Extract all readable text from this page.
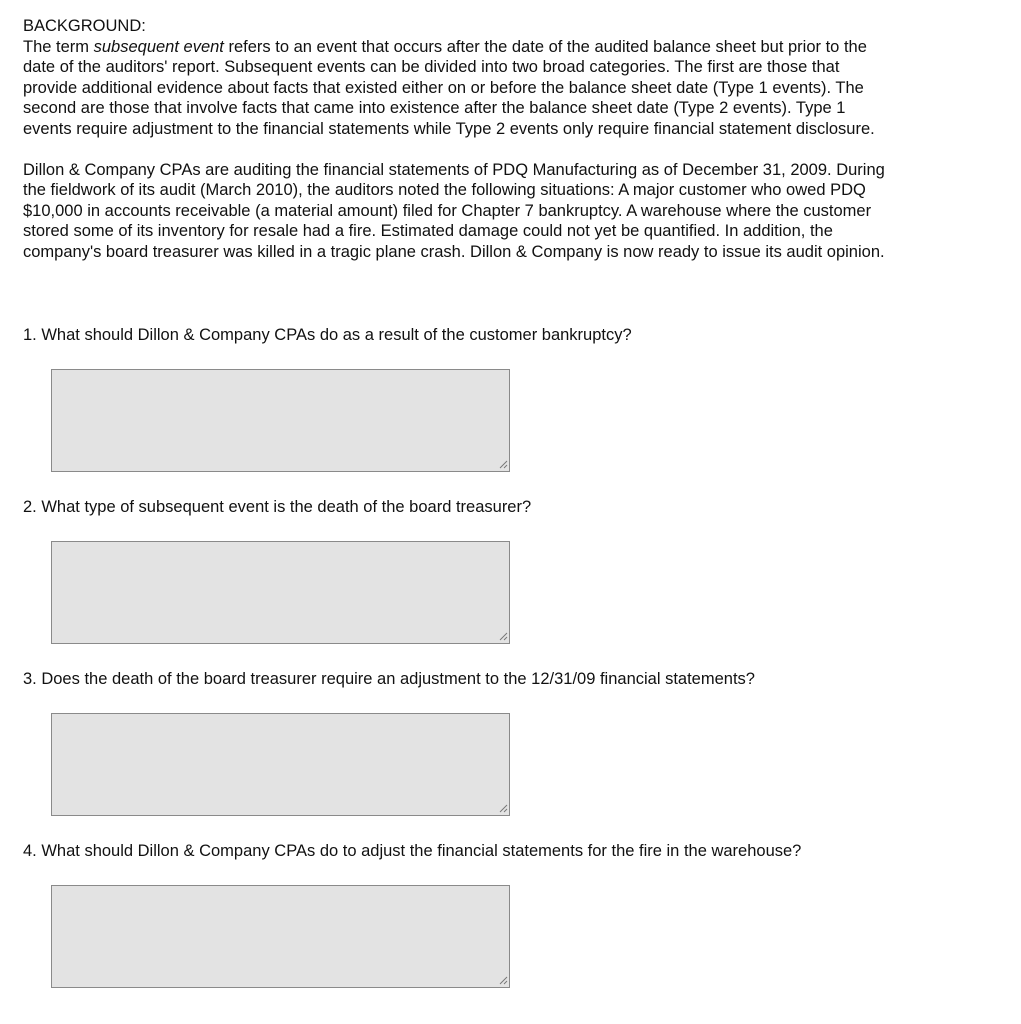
BACKGROUND:

The term subsequent event refers to an event that occurs after the date of the audited balance sheet but prior to the date of the auditors' report. Subsequent events can be divided into two broad categories. The first are those that provide additional evidence about facts that existed either on or before the balance sheet date (Type 1 events). The second are those that involve facts that came into existence after the balance sheet date (Type 2 events). Type 1 events require adjustment to the financial statements while Type 2 events only require financial statement disclosure.

Dillon & Company CPAs are auditing the financial statements of PDQ Manufacturing as of December 31, 2009. During the fieldwork of its audit (March 2010), the auditors noted the following situations: A major customer who owed PDQ $10,000 in accounts receivable (a material amount) filed for Chapter 7 bankruptcy. A warehouse where the customer stored some of its inventory for resale had a fire. Estimated damage could not yet be quantified. In addition, the company's board treasurer was killed in a tragic plane crash. Dillon & Company is now ready to issue its audit opinion.

1. What should Dillon & Company CPAs do as a result of the customer bankruptcy?

2. What type of subsequent event is the death of the board treasurer?

3. Does the death of the board treasurer require an adjustment to the 12/31/09 financial statements?

4. What should Dillon & Company CPAs do to adjust the financial statements for the fire in the warehouse?
